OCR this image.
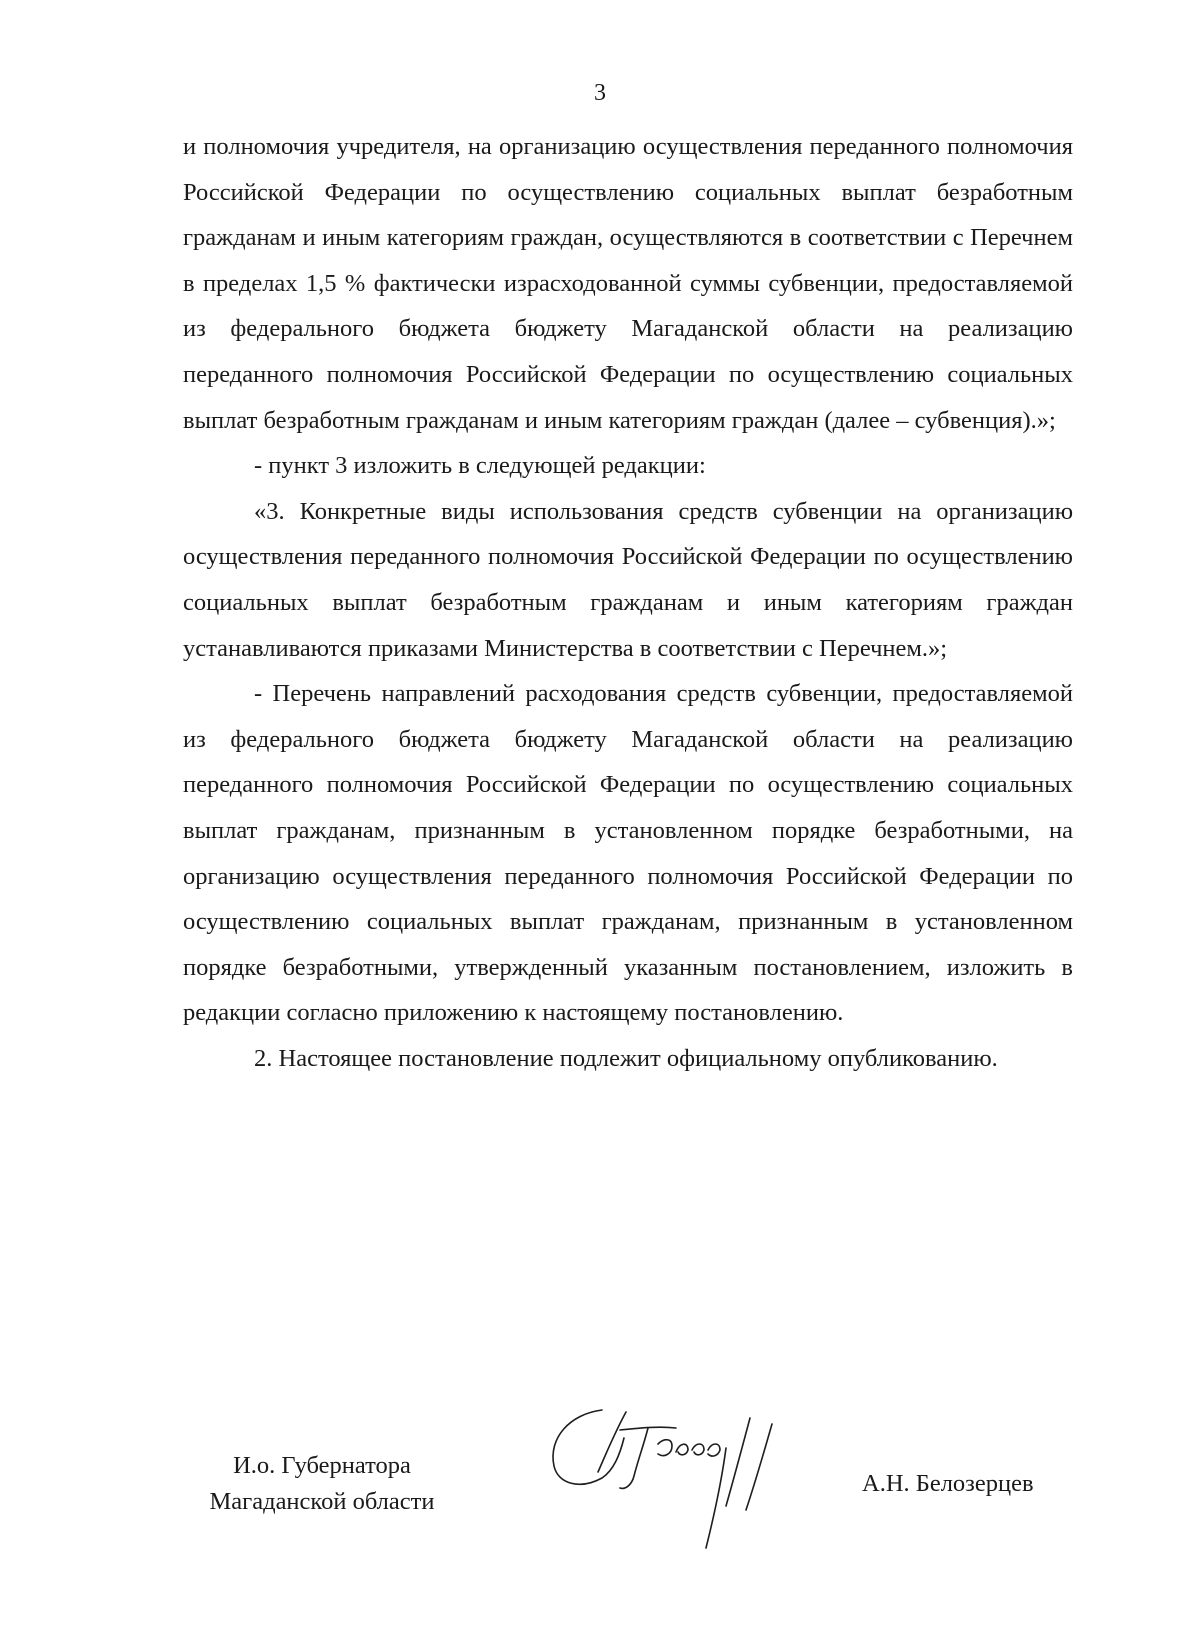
3

и полномочия учредителя, на организацию осуществления переданного полномочия Российской Федерации по осуществлению социальных выплат безработным гражданам и иным категориям граждан, осуществляются в соответствии с Перечнем в пределах 1,5 % фактически израсходованной суммы субвенции, предоставляемой из федерального бюджета бюджету Магаданской области на реализацию переданного полномочия Российской Федерации по осуществлению социальных выплат безработным гражданам и иным категориям граждан (далее – субвенция).»;

- пункт 3 изложить в следующей редакции:

«3. Конкретные виды использования средств субвенции на организацию осуществления переданного полномочия Российской Федерации по осуществлению социальных выплат безработным гражданам и иным категориям граждан устанавливаются приказами Министерства в соответствии с Перечнем.»;

- Перечень направлений расходования средств субвенции, предоставляемой из федерального бюджета бюджету Магаданской области на реализацию переданного полномочия Российской Федерации по осуществлению социальных выплат гражданам, признанным в установленном порядке безработными, на организацию осуществления переданного полномочия Российской Федерации по осуществлению социальных выплат гражданам, признанным в установленном порядке безработными, утвержденный указанным постановлением, изложить в редакции согласно приложению к настоящему постановлению.

2. Настоящее постановление подлежит официальному опубликованию.

И.о. Губернатора
Магаданской области
А.Н. Белозерцев
